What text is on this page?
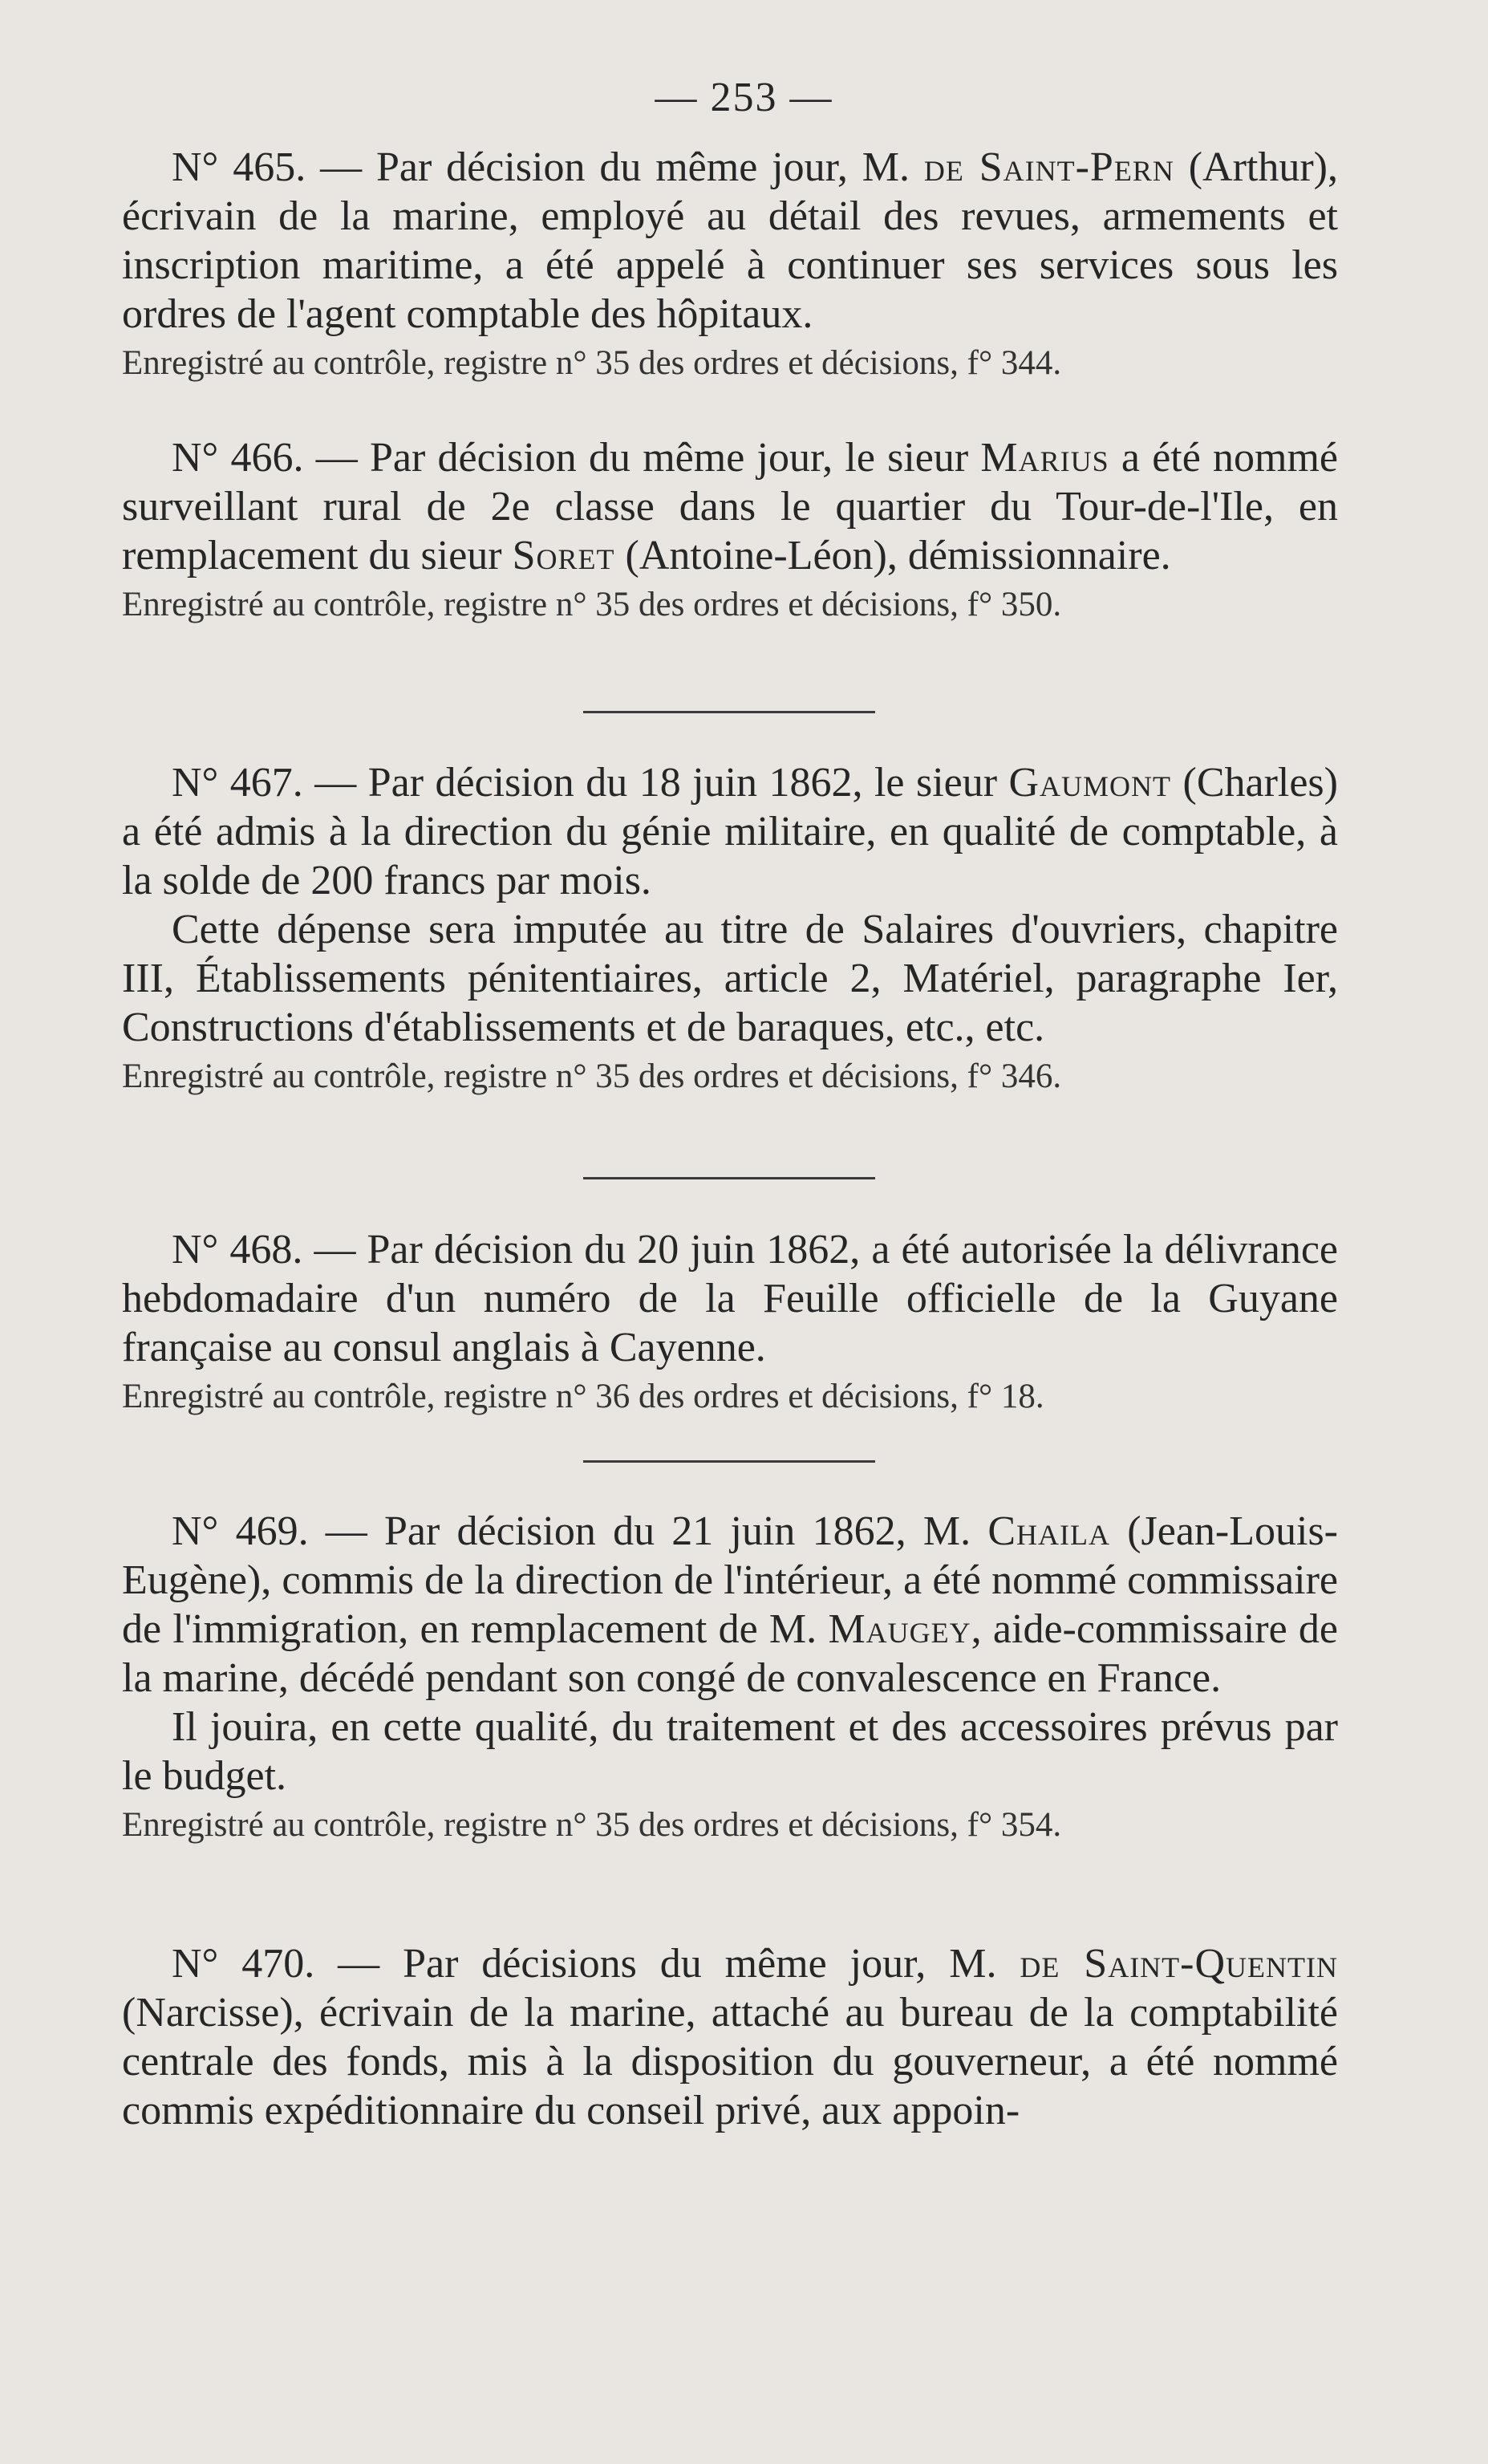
— 253 —

N° 465. — Par décision du même jour, M. de Saint-Pern (Arthur), écrivain de la marine, employé au détail des revues, armements et inscription maritime, a été appelé à continuer ses services sous les ordres de l'agent comptable des hôpitaux.

Enregistré au contrôle, registre n° 35 des ordres et décisions, f° 344.

N° 466. — Par décision du même jour, le sieur Marius a été nommé surveillant rural de 2e classe dans le quartier du Tour-de-l'Ile, en remplacement du sieur Soret (Antoine-Léon), démissionnaire.

Enregistré au contrôle, registre n° 35 des ordres et décisions, f° 350.

N° 467. — Par décision du 18 juin 1862, le sieur Gaumont (Charles) a été admis à la direction du génie militaire, en qualité de comptable, à la solde de 200 francs par mois.

Cette dépense sera imputée au titre de Salaires d'ouvriers, chapitre III, Établissements pénitentiaires, article 2, Matériel, paragraphe Ier, Constructions d'établissements et de baraques, etc., etc.

Enregistré au contrôle, registre n° 35 des ordres et décisions, f° 346.

N° 468. — Par décision du 20 juin 1862, a été autorisée la délivrance hebdomadaire d'un numéro de la Feuille officielle de la Guyane française au consul anglais à Cayenne.

Enregistré au contrôle, registre n° 36 des ordres et décisions, f° 18.

N° 469. — Par décision du 21 juin 1862, M. Chaila (Jean-Louis-Eugène), commis de la direction de l'intérieur, a été nommé commissaire de l'immigration, en remplacement de M. Maugey, aide-commissaire de la marine, décédé pendant son congé de convalescence en France.

Il jouira, en cette qualité, du traitement et des accessoires prévus par le budget.

Enregistré au contrôle, registre n° 35 des ordres et décisions, f° 354.

N° 470. — Par décisions du même jour, M. de Saint-Quentin (Narcisse), écrivain de la marine, attaché au bureau de la comptabilité centrale des fonds, mis à la disposition du gouverneur, a été nommé commis expéditionnaire du conseil privé, aux appoin-
